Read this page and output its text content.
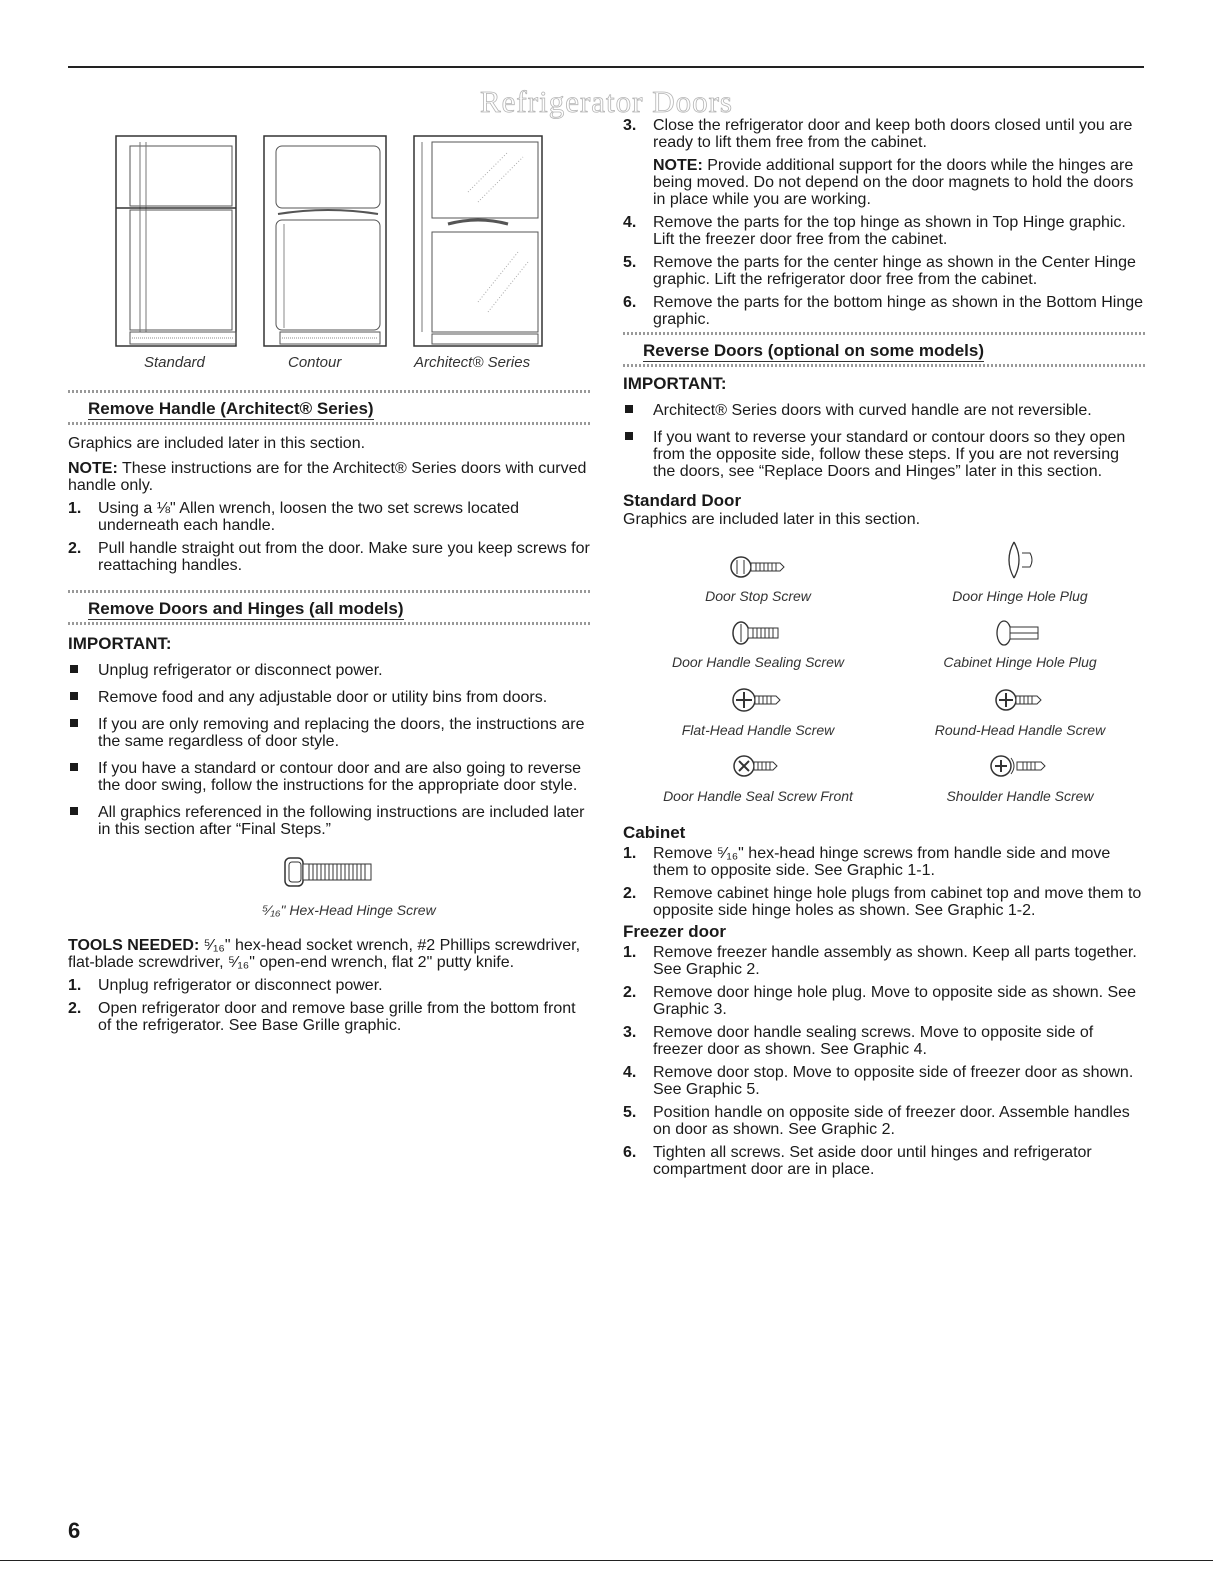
Refrigerator Doors
Standard	Contour	Architect® Series
Remove Handle (Architect® Series)

Graphics are included later in this section.

NOTE: These instructions are for the Architect® Series doors with curved handle only.

1. Using a ⅛" Allen wrench, loosen the two set screws located underneath each handle.
2. Pull handle straight out from the door. Make sure you keep screws for reattaching handles.
Remove Doors and Hinges (all models)

IMPORTANT:

Unplug refrigerator or disconnect power.
Remove food and any adjustable door or utility bins from doors.
If you are only removing and replacing the doors, the instructions are the same regardless of door style.
If you have a standard or contour door and are also going to reverse the door swing, follow the instructions for the appropriate door style.
All graphics referenced in the following instructions are included later in this section after “Final Steps.”
⁵⁄₁₆" Hex-Head Hinge Screw

TOOLS NEEDED: ⁵⁄₁₆" hex-head socket wrench, #2 Phillips screwdriver, flat-blade screwdriver, ⁵⁄₁₆" open-end wrench, flat 2" putty knife.

1. Unplug refrigerator or disconnect power.
2. Open refrigerator door and remove base grille from the bottom front of the refrigerator. See Base Grille graphic.
3. Close the refrigerator door and keep both doors closed until you are ready to lift them free from the cabinet.

NOTE: Provide additional support for the doors while the hinges are being moved. Do not depend on the door magnets to hold the doors in place while you are working.

4. Remove the parts for the top hinge as shown in Top Hinge graphic. Lift the freezer door free from the cabinet.
5. Remove the parts for the center hinge as shown in the Center Hinge graphic. Lift the refrigerator door free from the cabinet.
6. Remove the parts for the bottom hinge as shown in the Bottom Hinge graphic.
Reverse Doors (optional on some models)

IMPORTANT:

Architect® Series doors with curved handle are not reversible.
If you want to reverse your standard or contour doors so they open from the opposite side, follow these steps. If you are not reversing the doors, see “Replace Doors and Hinges” later in this section.
Standard Door

Graphics are included later in this section.

Door Stop Screw	Door Hinge Hole Plug
Door Handle Sealing Screw	Cabinet Hinge Hole Plug
Flat-Head Handle Screw	Round-Head Handle Screw
Door Handle Seal Screw Front	Shoulder Handle Screw
Cabinet
1. Remove ⁵⁄₁₆" hex-head hinge screws from handle side and move them to opposite side. See Graphic 1-1.
2. Remove cabinet hinge hole plugs from cabinet top and move them to opposite side hinge holes as shown. See Graphic 1-2.
Freezer door
1. Remove freezer handle assembly as shown. Keep all parts together. See Graphic 2.
2. Remove door hinge hole plug. Move to opposite side as shown. See Graphic 3.
3. Remove door handle sealing screws. Move to opposite side of freezer door as shown. See Graphic 4.
4. Remove door stop. Move to opposite side of freezer door as shown. See Graphic 5.
5. Position handle on opposite side of freezer door. Assemble handles on door as shown. See Graphic 2.
6. Tighten all screws. Set aside door until hinges and refrigerator compartment door are in place.
6
